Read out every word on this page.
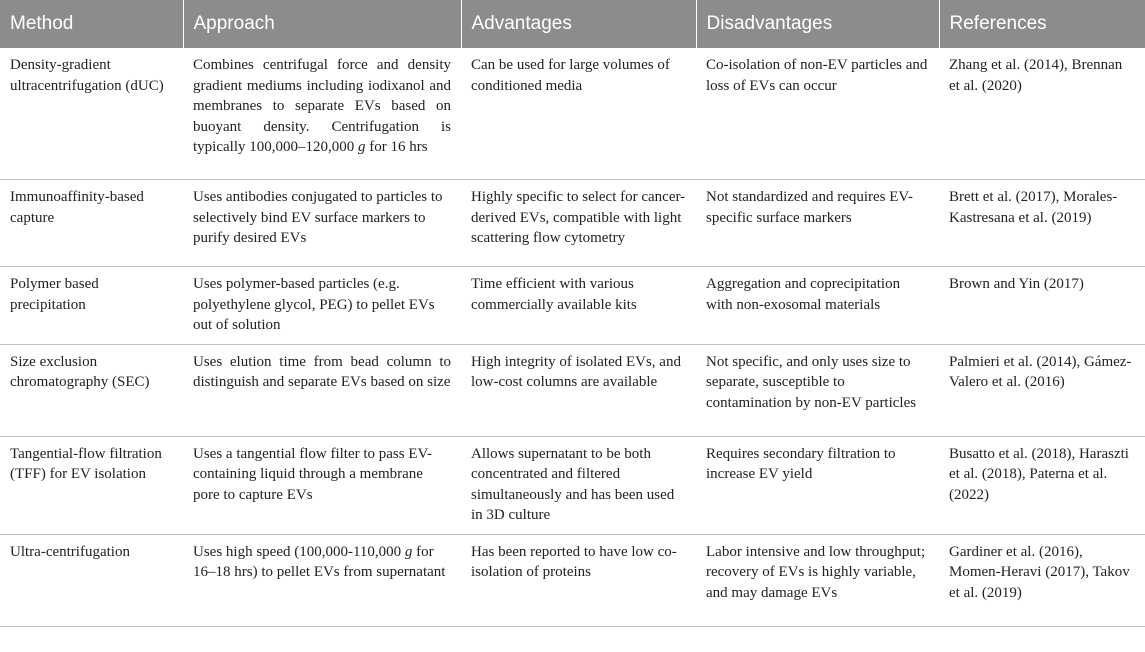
Method	Approach	Advantages	Disadvantages	References
Density-gradient ultracentrifugation (dUC)	Combines centrifugal force and density gradient mediums including iodixanol and membranes to separate EVs based on buoyant density. Centrifugation is typically 100,000–120,000 g for 16 hrs	Can be used for large volumes of conditioned media	Co-isolation of non-EV particles and loss of EVs can occur	Zhang et al. (2014), Brennan et al. (2020)
Immunoaffinity-based capture	Uses antibodies conjugated to particles to selectively bind EV surface markers to purify desired EVs	Highly specific to select for cancer-derived EVs, compatible with light scattering flow cytometry	Not standardized and requires EV-specific surface markers	Brett et al. (2017), Morales-Kastresana et al. (2019)
Polymer based precipitation	Uses polymer-based particles (e.g. polyethylene glycol, PEG) to pellet EVs out of solution	Time efficient with various commercially available kits	Aggregation and coprecipitation with non-exosomal materials	Brown and Yin (2017)
Size exclusion chromatography (SEC)	Uses elution time from bead column to distinguish and separate EVs based on size	High integrity of isolated EVs, and low-cost columns are available	Not specific, and only uses size to separate, susceptible to contamination by non-EV particles	Palmieri et al. (2014), Gámez-Valero et al. (2016)
Tangential-flow filtration (TFF) for EV isolation	Uses a tangential flow filter to pass EV-containing liquid through a membrane pore to capture EVs	Allows supernatant to be both concentrated and filtered simultaneously and has been used in 3D culture	Requires secondary filtration to increase EV yield	Busatto et al. (2018), Haraszti et al. (2018), Paterna et al. (2022)
Ultra-centrifugation	Uses high speed (100,000-110,000 g for 16–18 hrs) to pellet EVs from supernatant	Has been reported to have low co-isolation of proteins	Labor intensive and low throughput; recovery of EVs is highly variable, and may damage EVs	Gardiner et al. (2016), Momen-Heravi (2017), Takov et al. (2019)
